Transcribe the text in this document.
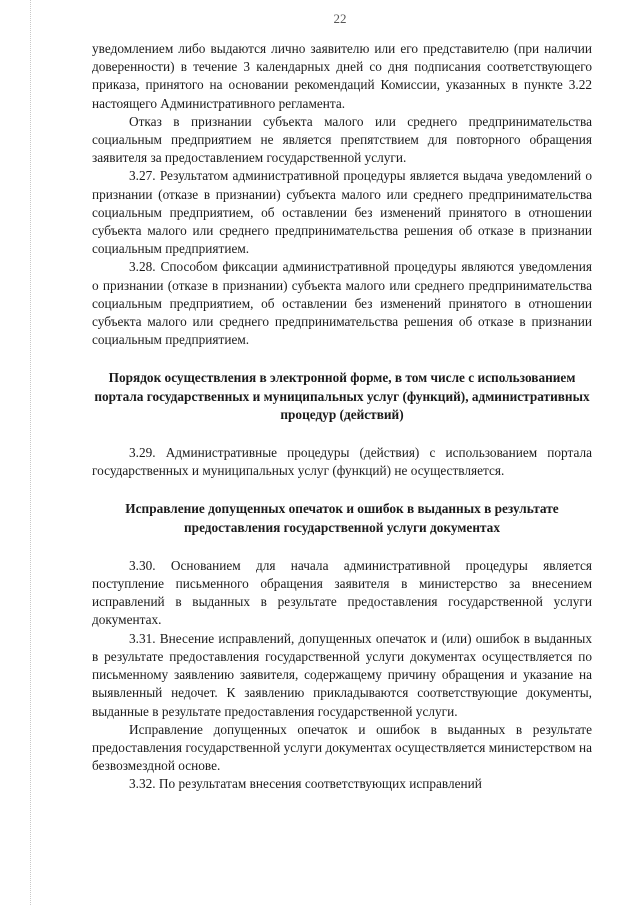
22

уведомлением либо выдаются лично заявителю или его представителю (при наличии доверенности) в течение 3 календарных дней со дня подписания соответствующего приказа, принятого на основании рекомендаций Комиссии, указанных в пункте 3.22 настоящего Административного регламента.

Отказ в признании субъекта малого или среднего предпринимательства социальным предприятием не является препятствием для повторного обращения заявителя за предоставлением государственной услуги.

3.27. Результатом административной процедуры является выдача уведомлений о признании (отказе в признании) субъекта малого или среднего предпринимательства социальным предприятием, об оставлении без изменений принятого в отношении субъекта малого или среднего предпринимательства решения об отказе в признании социальным предприятием.

3.28. Способом фиксации административной процедуры являются уведомления о признании (отказе в признании) субъекта малого или среднего предпринимательства социальным предприятием, об оставлении без изменений принятого в отношении субъекта малого или среднего предпринимательства решения об отказе в признании социальным предприятием.

Порядок осуществления в электронной форме, в том числе с использованием портала государственных и муниципальных услуг (функций), административных процедур (действий)

3.29. Административные процедуры (действия) с использованием портала государственных и муниципальных услуг (функций) не осуществляется.

Исправление допущенных опечаток и ошибок в выданных в результате предоставления государственной услуги документах

3.30. Основанием для начала административной процедуры является поступление письменного обращения заявителя в министерство за внесением исправлений в выданных в результате предоставления государственной услуги документах.

3.31. Внесение исправлений, допущенных опечаток и (или) ошибок в выданных в результате предоставления государственной услуги документах осуществляется по письменному заявлению заявителя, содержащему причину обращения и указание на выявленный недочет. К заявлению прикладываются соответствующие документы, выданные в результате предоставления государственной услуги.

Исправление допущенных опечаток и ошибок в выданных в результате предоставления государственной услуги документах осуществляется министерством на безвозмездной основе.

3.32. По результатам внесения соответствующих исправлений
